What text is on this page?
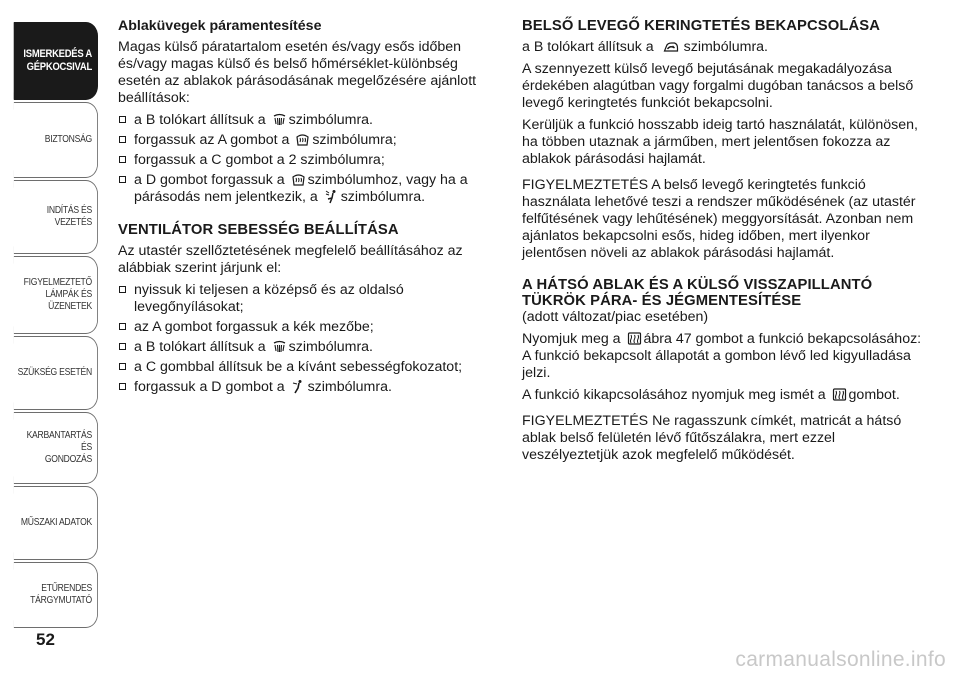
ISMERKEDÉS A
GÉPKOCSIVAL
BIZTONSÁG
INDÍTÁS ÉS VEZETÉS
FIGYELMEZTETŐ
LÁMPÁK ÉS
ÜZENETEK
SZÜKSÉG ESETÉN
KARBANTARTÁS ÉS
GONDOZÁS
MŰSZAKI ADATOK
ETŰRENDES
TÁRGYMUTATÓ
52
carmanualsonline.info
Ablaküvegek páramentesítése

Magas külső páratartalom esetén és/vagy esős időben és/vagy magas külső és belső hőmérséklet-különbség esetén az ablakok párásodásának megelőzésére ajánlott beállítások:

a B tolókart állítsuk a
szimbólumra.
forgassuk az A gombot a
szimbólumra;
forgassuk a C gombot a 2 szimbólumra;
a D gombot forgassuk a
szimbólumhoz, vagy ha a párásodás nem jelentkezik, a
szimbólumra.
VENTILÁTOR SEBESSÉG BEÁLLÍTÁSA

Az utastér szellőztetésének megfelelő beállításához az alábbiak szerint járjunk el:

nyissuk ki teljesen a középső és az oldalsó levegőnyílásokat;
az A gombot forgassuk a kék mezőbe;
a B tolókart állítsuk a
szimbólumra.
a C gombbal állítsuk be a kívánt sebességfokozatot;
forgassuk a D gombot a
szimbólumra.
BELSŐ LEVEGŐ KERINGTETÉS BEKAPCSOLÁSA

a B tolókart állítsuk a
szimbólumra.

A szennyezett külső levegő bejutásának megakadályozása érdekében alagútban vagy forgalmi dugóban tanácsos a belső levegő keringtetés funkciót bekapcsolni.

Kerüljük a funkció hosszabb ideig tartó használatát, különösen, ha többen utaznak a járműben, mert jelentősen fokozza az ablakok párásodási hajlamát.

FIGYELMEZTETÉS A belső levegő keringtetés funkció használata lehetővé teszi a rendszer működésének (az utastér felfűtésének vagy lehűtésének) meggyorsítását. Azonban nem ajánlatos bekapcsolni esős, hideg időben, mert ilyenkor jelentősen növeli az ablakok párásodási hajlamát.

A HÁTSÓ ABLAK ÉS A KÜLSŐ VISSZAPILLANTÓ TÜKRÖK PÁRA- ÉS JÉGMENTESÍTÉSE

(adott változat/piac esetében)

Nyomjuk meg a
ábra 47 gombot a funkció bekapcsolásához: A funkció bekapcsolt állapotát a gombon lévő led kigyulladása jelzi.

A funkció kikapcsolásához nyomjuk meg ismét a
gombot.

FIGYELMEZTETÉS Ne ragasszunk címkét, matricát a hátsó ablak belső felületén lévő fűtőszálakra, mert ezzel veszélyeztetjük azok megfelelő működését.
